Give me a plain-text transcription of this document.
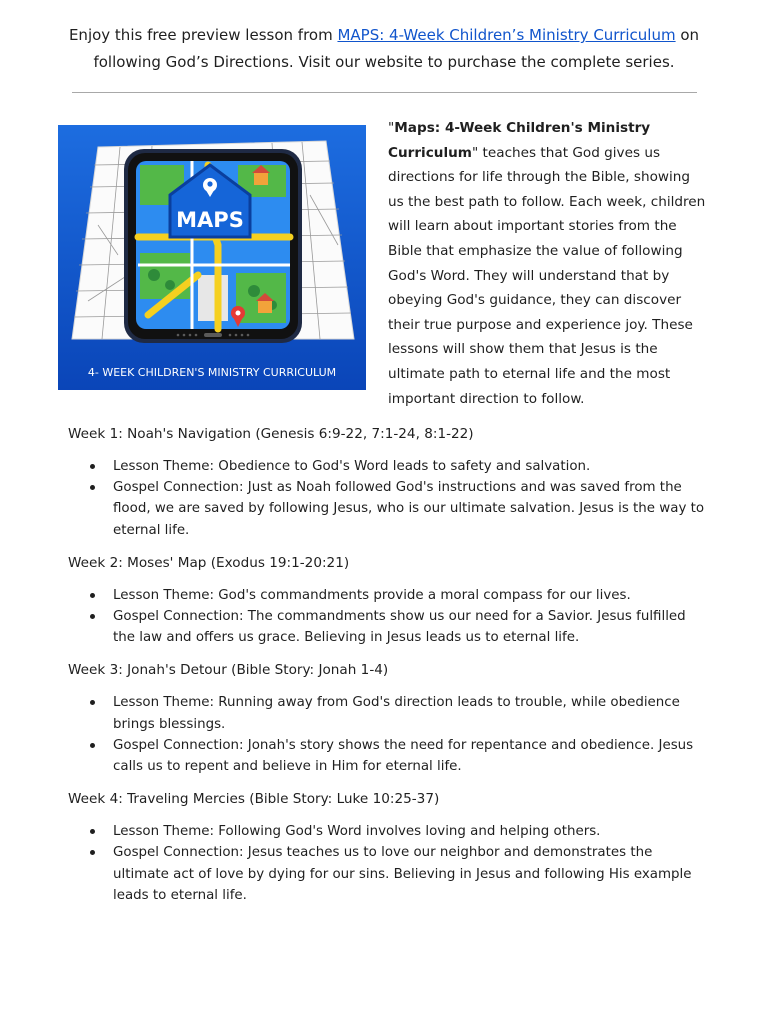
Enjoy this free preview lesson from MAPS: 4-Week Children’s Ministry Curriculum on
following God’s Directions. Visit our website to purchase the complete series.
MAPS
4- WEEK CHILDREN'S MINISTRY CURRICULUM
"Maps: 4-Week Children's Ministry Curriculum" teaches that God gives us directions for life through the Bible, showing us the best path to follow. Each week, children will learn about important stories from the Bible that emphasize the value of following God's Word. They will understand that by obeying God's guidance, they can discover their true purpose and experience joy. These lessons will show them that Jesus is the ultimate path to eternal life and the most important direction to follow.
Week 1: Noah's Navigation (Genesis 6:9-22, 7:1-24, 8:1-22)
Lesson Theme: Obedience to God's Word leads to safety and salvation.
Gospel Connection: Just as Noah followed God's instructions and was saved from the flood, we are saved by following Jesus, who is our ultimate salvation. Jesus is the way to eternal life.
Week 2: Moses' Map (Exodus 19:1-20:21)
Lesson Theme: God's commandments provide a moral compass for our lives.
Gospel Connection: The commandments show us our need for a Savior. Jesus fulfilled the law and offers us grace. Believing in Jesus leads us to eternal life.
Week 3: Jonah's Detour (Bible Story: Jonah 1-4)
Lesson Theme: Running away from God's direction leads to trouble, while obedience brings blessings.
Gospel Connection: Jonah's story shows the need for repentance and obedience. Jesus calls us to repent and believe in Him for eternal life.
Week 4: Traveling Mercies (Bible Story: Luke 10:25-37)
Lesson Theme: Following God's Word involves loving and helping others.
Gospel Connection: Jesus teaches us to love our neighbor and demonstrates the ultimate act of love by dying for our sins. Believing in Jesus and following His example leads to eternal life.
